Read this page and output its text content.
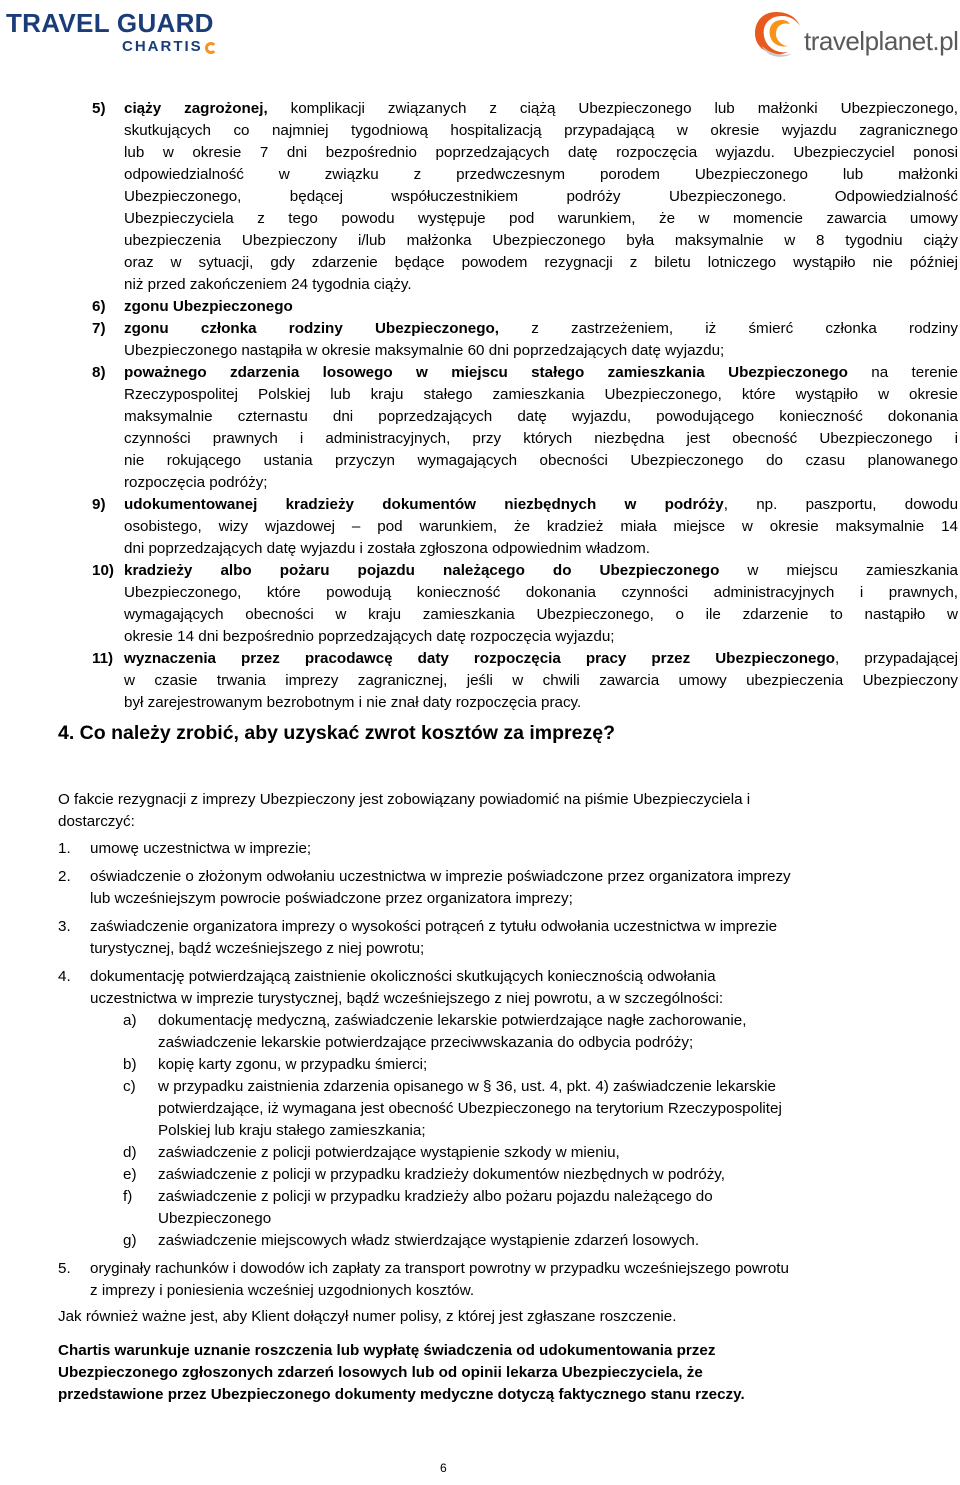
TRAVEL GUARD
CHARTIS	travelplanet.pl
5) ciąży zagrożonej, komplikacji związanych z ciążą Ubezpieczonego lub małżonki Ubezpieczonego,
skutkujących co najmniej tygodniową hospitalizacją przypadającą w okresie wyjazdu zagranicznego
lub w okresie 7 dni bezpośrednio poprzedzających datę rozpoczęcia wyjazdu. Ubezpieczyciel ponosi
odpowiedzialność w związku z przedwczesnym porodem Ubezpieczonego lub małżonki
Ubezpieczonego, będącej współuczestnikiem podróży Ubezpieczonego. Odpowiedzialność
Ubezpieczyciela z tego powodu występuje pod warunkiem, że w momencie zawarcia umowy
ubezpieczenia Ubezpieczony i/lub małżonka Ubezpieczonego była maksymalnie w 8 tygodniu ciąży
oraz w sytuacji, gdy zdarzenie będące powodem rezygnacji z biletu lotniczego wystąpiło nie później
niż przed zakończeniem 24 tygodnia ciąży.
6) zgonu Ubezpieczonego
7) zgonu członka rodziny Ubezpieczonego, z zastrzeżeniem, iż śmierć członka rodziny
Ubezpieczonego nastąpiła w okresie maksymalnie 60 dni poprzedzających datę wyjazdu;
8) poważnego zdarzenia losowego w miejscu stałego zamieszkania Ubezpieczonego na terenie
Rzeczypospolitej Polskiej lub kraju stałego zamieszkania Ubezpieczonego, które wystąpiło w okresie
maksymalnie czternastu dni poprzedzających datę wyjazdu, powodującego konieczność dokonania
czynności prawnych i administracyjnych, przy których niezbędna jest obecność Ubezpieczonego i
nie rokującego ustania przyczyn wymagających obecności Ubezpieczonego do czasu planowanego
rozpoczęcia podróży;
9) udokumentowanej kradzieży dokumentów niezbędnych w podróży, np. paszportu, dowodu
osobistego, wizy wjazdowej – pod warunkiem, że kradzież miała miejsce w okresie maksymalnie 14
dni poprzedzających datę wyjazdu i została zgłoszona odpowiednim władzom.
10) kradzieży albo pożaru pojazdu należącego do Ubezpieczonego w miejscu zamieszkania
Ubezpieczonego, które powodują konieczność dokonania czynności administracyjnych i prawnych,
wymagających obecności w kraju zamieszkania Ubezpieczonego, o ile zdarzenie to nastąpiło w
okresie 14 dni bezpośrednio poprzedzających datę rozpoczęcia wyjazdu;
11) wyznaczenia przez pracodawcę daty rozpoczęcia pracy przez Ubezpieczonego, przypadającej
w czasie trwania imprezy zagranicznej, jeśli w chwili zawarcia umowy ubezpieczenia Ubezpieczony
był zarejestrowanym bezrobotnym i nie znał daty rozpoczęcia pracy.
4. Co należy zrobić, aby uzyskać zwrot kosztów za imprezę?
O fakcie rezygnacji z imprezy Ubezpieczony jest zobowiązany powiadomić na piśmie Ubezpieczyciela i
dostarczyć:
1. umowę uczestnictwa w imprezie;
2. oświadczenie o złożonym odwołaniu uczestnictwa w imprezie poświadczone przez organizatora imprezy
lub wcześniejszym powrocie poświadczone przez organizatora imprezy;
3. zaświadczenie organizatora imprezy o wysokości potrąceń z tytułu odwołania uczestnictwa w imprezie
turystycznej, bądź wcześniejszego z niej powrotu;
4. dokumentację potwierdzającą zaistnienie okoliczności skutkujących koniecznością odwołania
uczestnictwa w imprezie turystycznej, bądź wcześniejszego z niej powrotu, a w szczególności:
a) dokumentację medyczną, zaświadczenie lekarskie potwierdzające nagłe zachorowanie,
zaświadczenie lekarskie potwierdzające przeciwwskazania do odbycia podróży;
b) kopię karty zgonu, w przypadku śmierci;
c) w przypadku zaistnienia zdarzenia opisanego w § 36, ust. 4, pkt. 4) zaświadczenie lekarskie
potwierdzające, iż wymagana jest obecność Ubezpieczonego na terytorium Rzeczypospolitej
Polskiej lub kraju stałego zamieszkania;
d) zaświadczenie z policji potwierdzające wystąpienie szkody w mieniu,
e) zaświadczenie z policji w przypadku kradzieży dokumentów niezbędnych w podróży,
f) zaświadczenie z policji w przypadku kradzieży albo pożaru pojazdu należącego do
Ubezpieczonego
g) zaświadczenie miejscowych władz stwierdzające wystąpienie zdarzeń losowych.
5. oryginały rachunków i dowodów ich zapłaty za transport powrotny w przypadku wcześniejszego powrotu
z imprezy i poniesienia wcześniej uzgodnionych kosztów.
Jak również ważne jest, aby Klient dołączył numer polisy, z której jest zgłaszane roszczenie.
Chartis warunkuje uznanie roszczenia lub wypłatę świadczenia od udokumentowania przez
Ubezpieczonego zgłoszonych zdarzeń losowych lub od opinii lekarza Ubezpieczyciela, że
przedstawione przez Ubezpieczonego dokumenty medyczne dotyczą faktycznego stanu rzeczy.
6
